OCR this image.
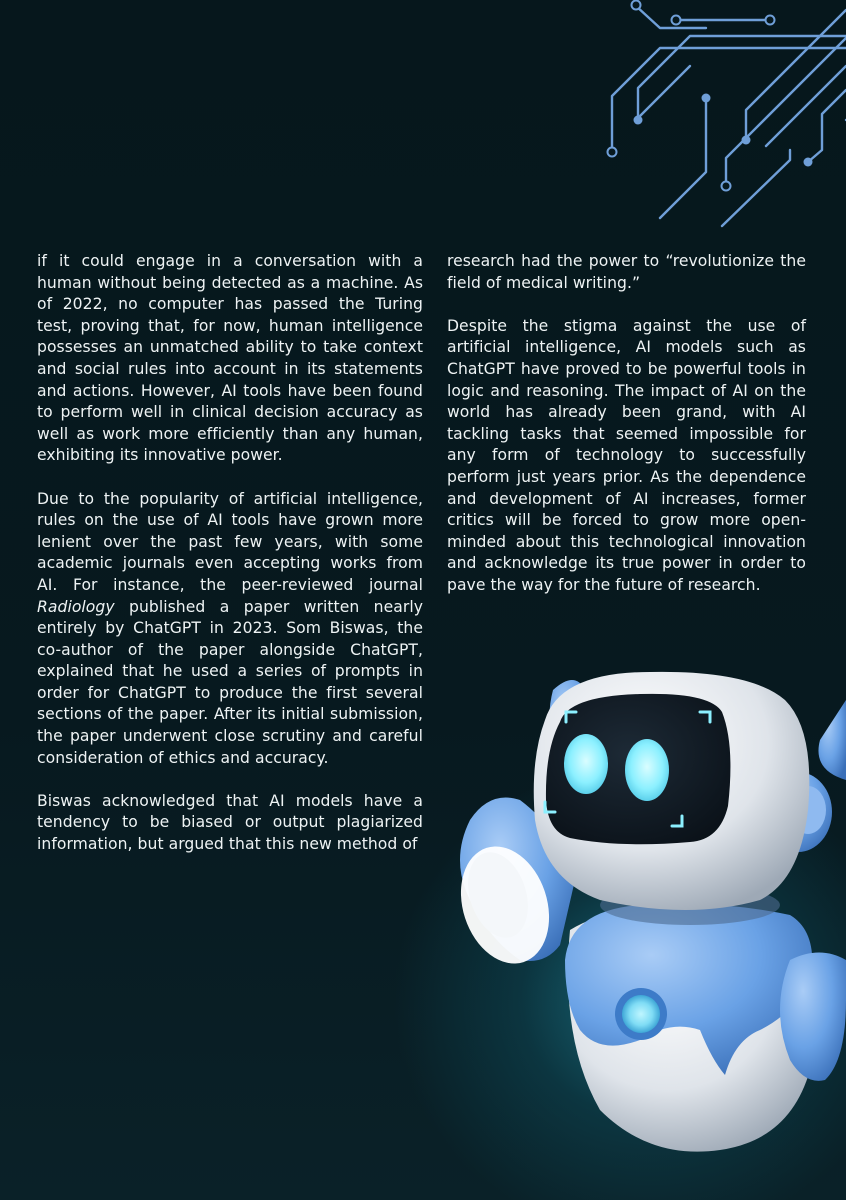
if it could engage in a conversation with a human without being detected as a machine. As of 2022, no computer has passed the Turing test, proving that, for now, human intelligence possesses an unmatched ability to take context and social rules into account in its statements and actions. However, AI tools have been found to perform well in clinical decision accuracy as well as work more efficiently than any human, exhibiting its innovative power.

Due to the popularity of artificial intelligence, rules on the use of AI tools have grown more lenient over the past few years, with some academic journals even accepting works from AI. For instance, the peer-reviewed journal Radiology published a paper written nearly entirely by ChatGPT in 2023. Som Biswas, the co-author of the paper alongside ChatGPT, explained that he used a series of prompts in order for ChatGPT to produce the first several sections of the paper. After its initial submission, the paper underwent close scrutiny and careful consideration of ethics and accuracy.

Biswas acknowledged that AI models have a tendency to be biased or output plagiarized information, but argued that this new method of

research had the power to “revolutionize the field of medical writing.”

Despite the stigma against the use of artificial intelligence, AI models such as ChatGPT have proved to be powerful tools in logic and reasoning. The impact of AI on the world has already been grand, with AI tackling tasks that seemed impossible for any form of technology to successfully perform just years prior. As the dependence and development of AI increases, former critics will be forced to grow more open-minded about this technological innovation and acknowledge its true power in order to pave the way for the future of research.
